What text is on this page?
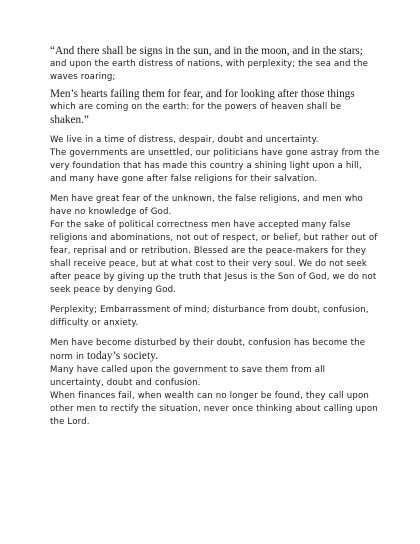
“And there shall be signs in the sun, and in the moon, and in the stars;
and upon the earth distress of nations, with perplexity; the sea and the
waves roaring;
Men’s hearts failing them for fear, and for looking after those things
which are coming on the earth: for the powers of heaven shall be
shaken.”
We live in a time of distress, despair, doubt and uncertainty.
The governments are unsettled, our politicians have gone astray from the
very foundation that has made this country a shining light upon a hill,
and many have gone after false religions for their salvation.
Men have great fear of the unknown, the false religions, and men who
have no knowledge of God.
For the sake of political correctness men have accepted many false
religions and abominations, not out of respect, or belief, but rather out of
fear, reprisal and or retribution. Blessed are the peace-makers for they
shall receive peace, but at what cost to their very soul. We do not seek
after peace by giving up the truth that Jesus is the Son of God, we do not
seek peace by denying God.
Perplexity; Embarrassment of mind; disturbance from doubt, confusion,
difficulty or anxiety.
Men have become disturbed by their doubt, confusion has become the
norm in today’s society.
Many have called upon the government to save them from all
uncertainty, doubt and confusion.
When finances fail, when wealth can no longer be found, they call upon
other men to rectify the situation, never once thinking about calling upon
the Lord.
